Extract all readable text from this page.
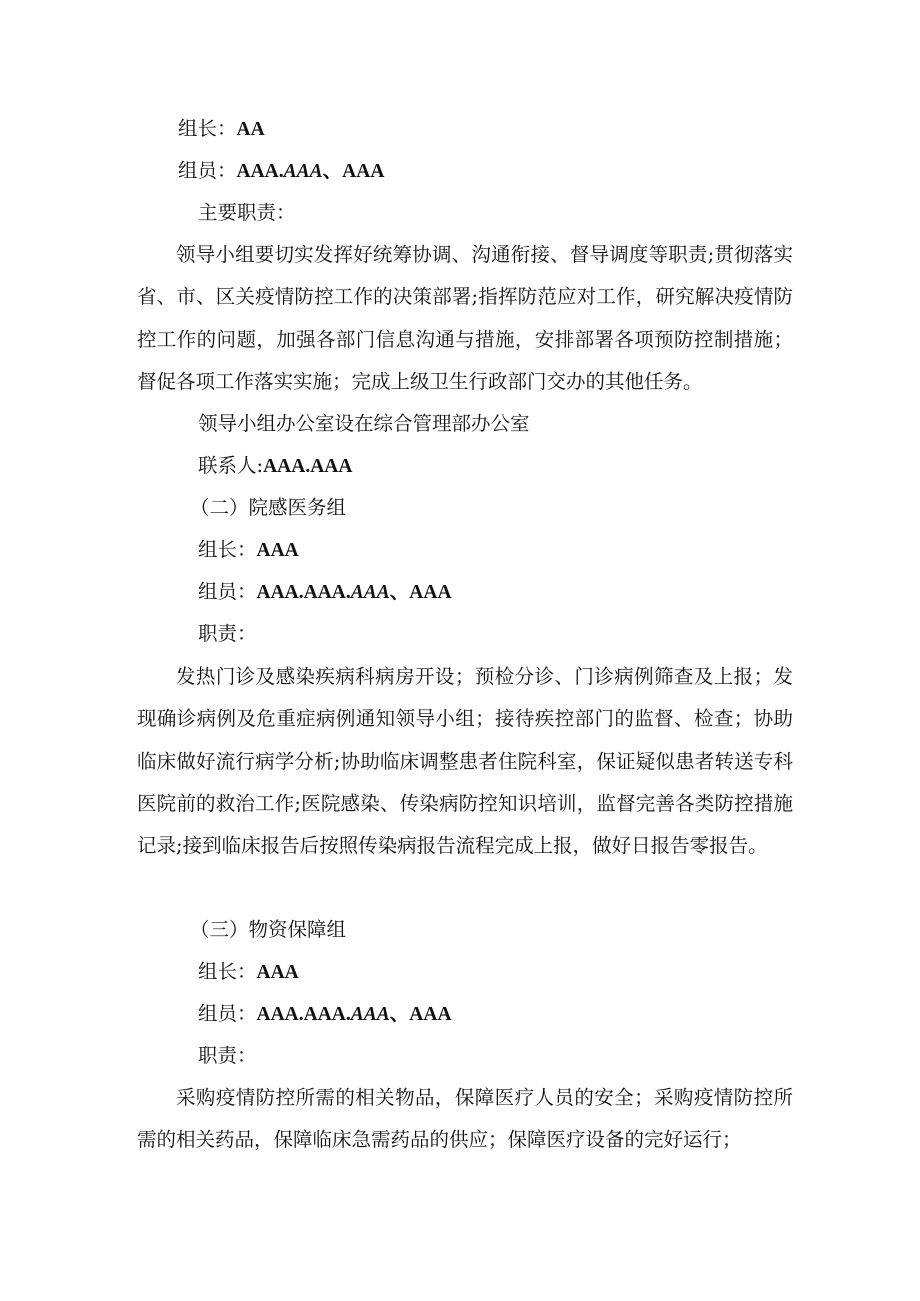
组长：AA
组员：AAA.AAA、AAA
主要职责：
领导小组要切实发挥好统筹协调、沟通衔接、督导调度等职责;贯彻落实省、市、区关疫情防控工作的决策部署;指挥防范应对工作，研究解决疫情防控工作的问题，加强各部门信息沟通与措施，安排部署各项预防控制措施；督促各项工作落实实施；完成上级卫生行政部门交办的其他任务。
领导小组办公室设在综合管理部办公室
联系人:AAA.AAA
（二）院感医务组
组长：AAA
组员：AAA.AAA.AAA、AAA
职责：
发热门诊及感染疾病科病房开设；预检分诊、门诊病例筛查及上报；发现确诊病例及危重症病例通知领导小组；接待疾控部门的监督、检查；协助临床做好流行病学分析;协助临床调整患者住院科室，保证疑似患者转送专科医院前的救治工作;医院感染、传染病防控知识培训，监督完善各类防控措施记录;接到临床报告后按照传染病报告流程完成上报，做好日报告零报告。
（三）物资保障组
组长：AAA
组员：AAA.AAA.AAA、AAA
职责：
采购疫情防控所需的相关物品，保障医疗人员的安全；采购疫情防控所需的相关药品，保障临床急需药品的供应；保障医疗设备的完好运行；
